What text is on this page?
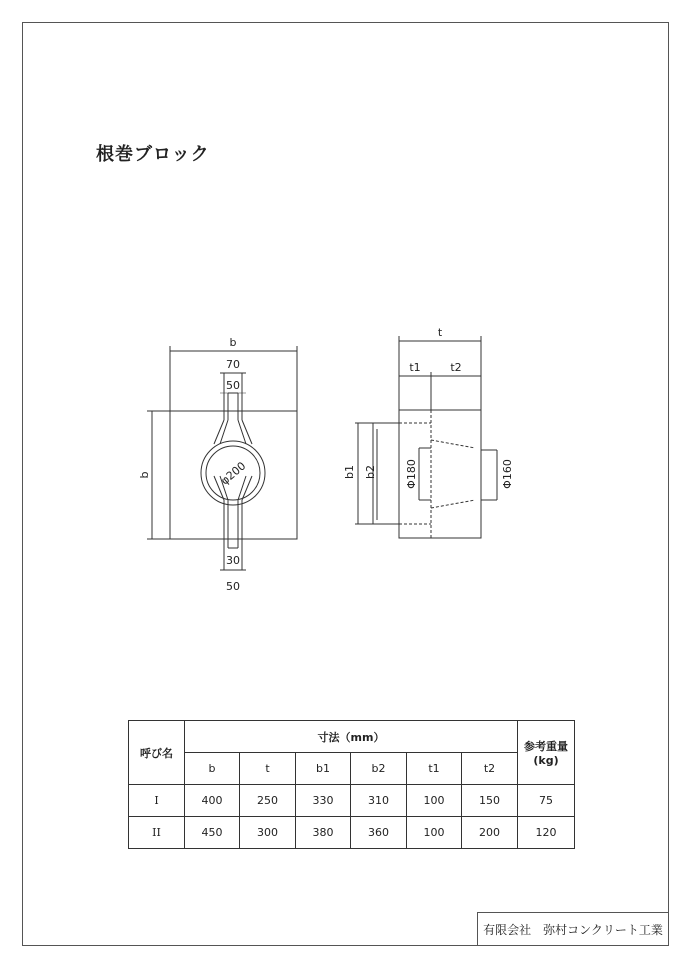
根巻ブロック
b
70
50
φ200
b
30
50
t
t1	t2
b1 b2	Φ180	Φ160
呼び名	寸法（mm）						参考重量
(kg)
	b	t	b1	b2	t1	t2	
I	400	250	330	310	100	150	75
II	450	300	380	360	100	200	120
有限会社　弥村コンクリート工業
